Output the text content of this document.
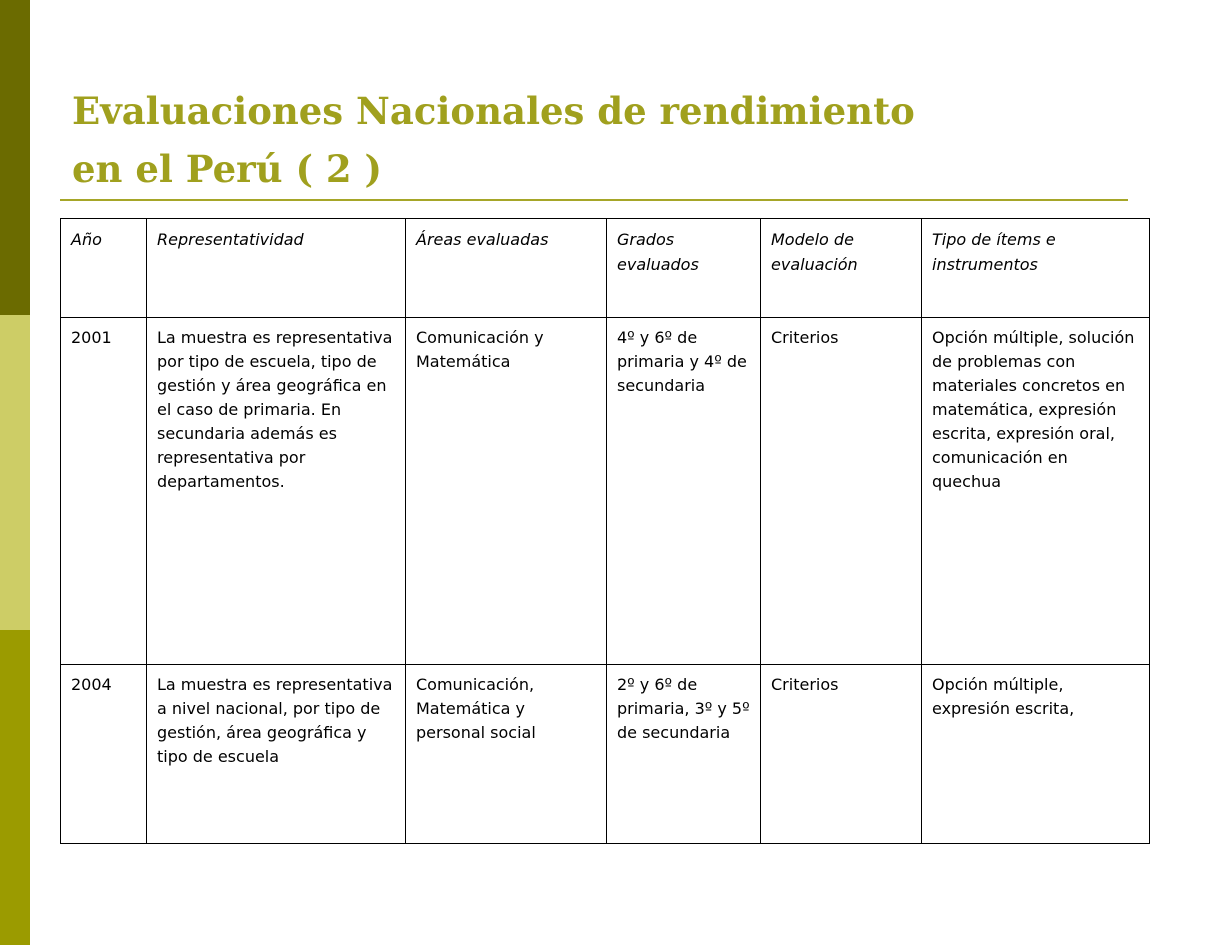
Evaluaciones Nacionales de rendimiento
en el Perú ( 2 )
Año	Representatividad	Áreas evaluadas	Grados evaluados	Modelo de evaluación	Tipo de ítems e instrumentos
2001	La muestra es representativa por tipo de escuela, tipo de gestión y área geográfica en el caso de primaria. En secundaria además es representativa por departamentos.	Comunicación y Matemática	4º y 6º de primaria y 4º de secundaria	Criterios	Opción múltiple, solución de problemas con materiales concretos en matemática, expresión escrita, expresión oral, comunicación en quechua
2004	La muestra es representativa a nivel nacional, por tipo de gestión, área geográfica y tipo de escuela	Comunicación, Matemática y personal social	2º y 6º de primaria, 3º y 5º de secundaria	Criterios	Opción múltiple, expresión escrita,
